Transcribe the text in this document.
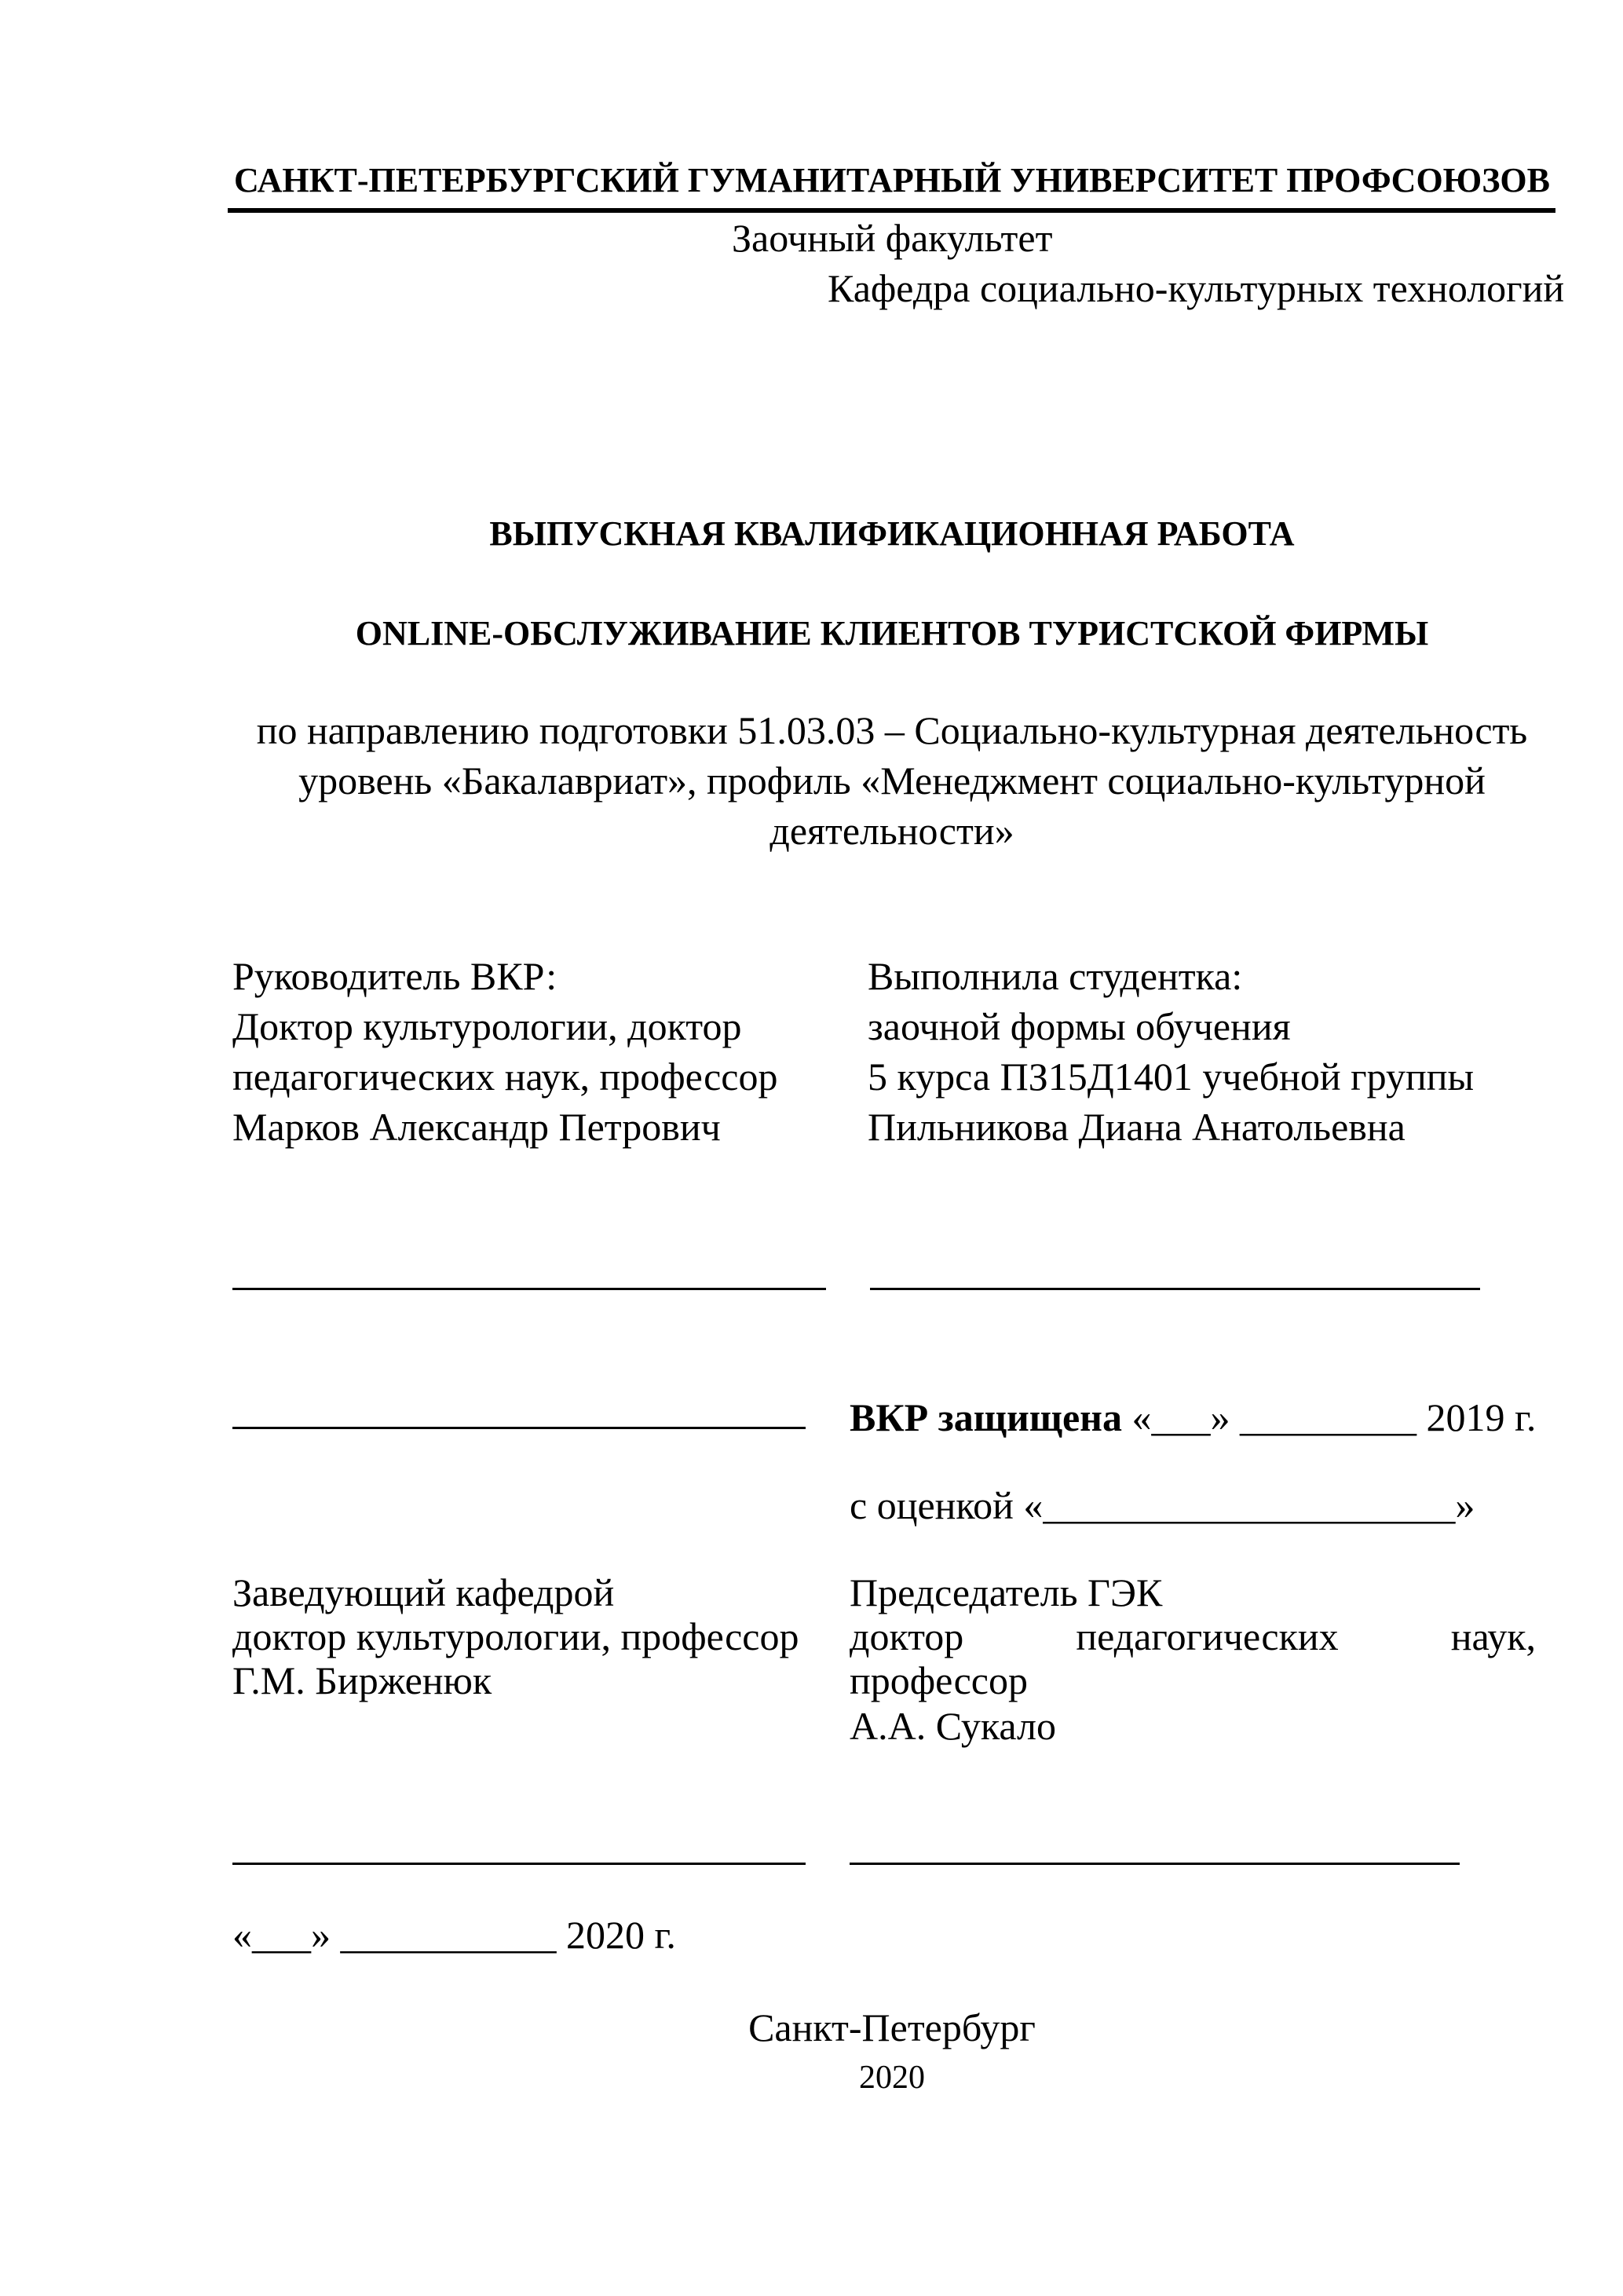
САНКТ-ПЕТЕРБУРГСКИЙ ГУМАНИТАРНЫЙ УНИВЕРСИТЕТ ПРОФСОЮЗОВ
Заочный факультет
Кафедра социально-культурных технологий
ВЫПУСКНАЯ КВАЛИФИКАЦИОННАЯ РАБОТА
ONLINE-ОБСЛУЖИВАНИЕ КЛИЕНТОВ ТУРИСТСКОЙ ФИРМЫ
по направлению подготовки 51.03.03 – Социально-культурная деятельность
уровень «Бакалавриат», профиль «Менеджмент социально-культурной
деятельности»
Руководитель ВКР:
Доктор культурологии, доктор
педагогических наук, профессор
Марков Александр Петрович
Выполнила студентка:
заочной формы обучения
5 курса ПЗ15Д1401 учебной группы
Пильникова Диана Анатольевна
ВКР защищена «___» _________ 2019 г.
с оценкой «_____________________»
Заведующий кафедрой
доктор культурологии, профессор
Г.М. Бирженюк
Председатель ГЭК
доктор	педагогических	наук,
профессор
А.А. Сукало
«___» ___________ 2020 г.
Санкт-Петербург
2020
